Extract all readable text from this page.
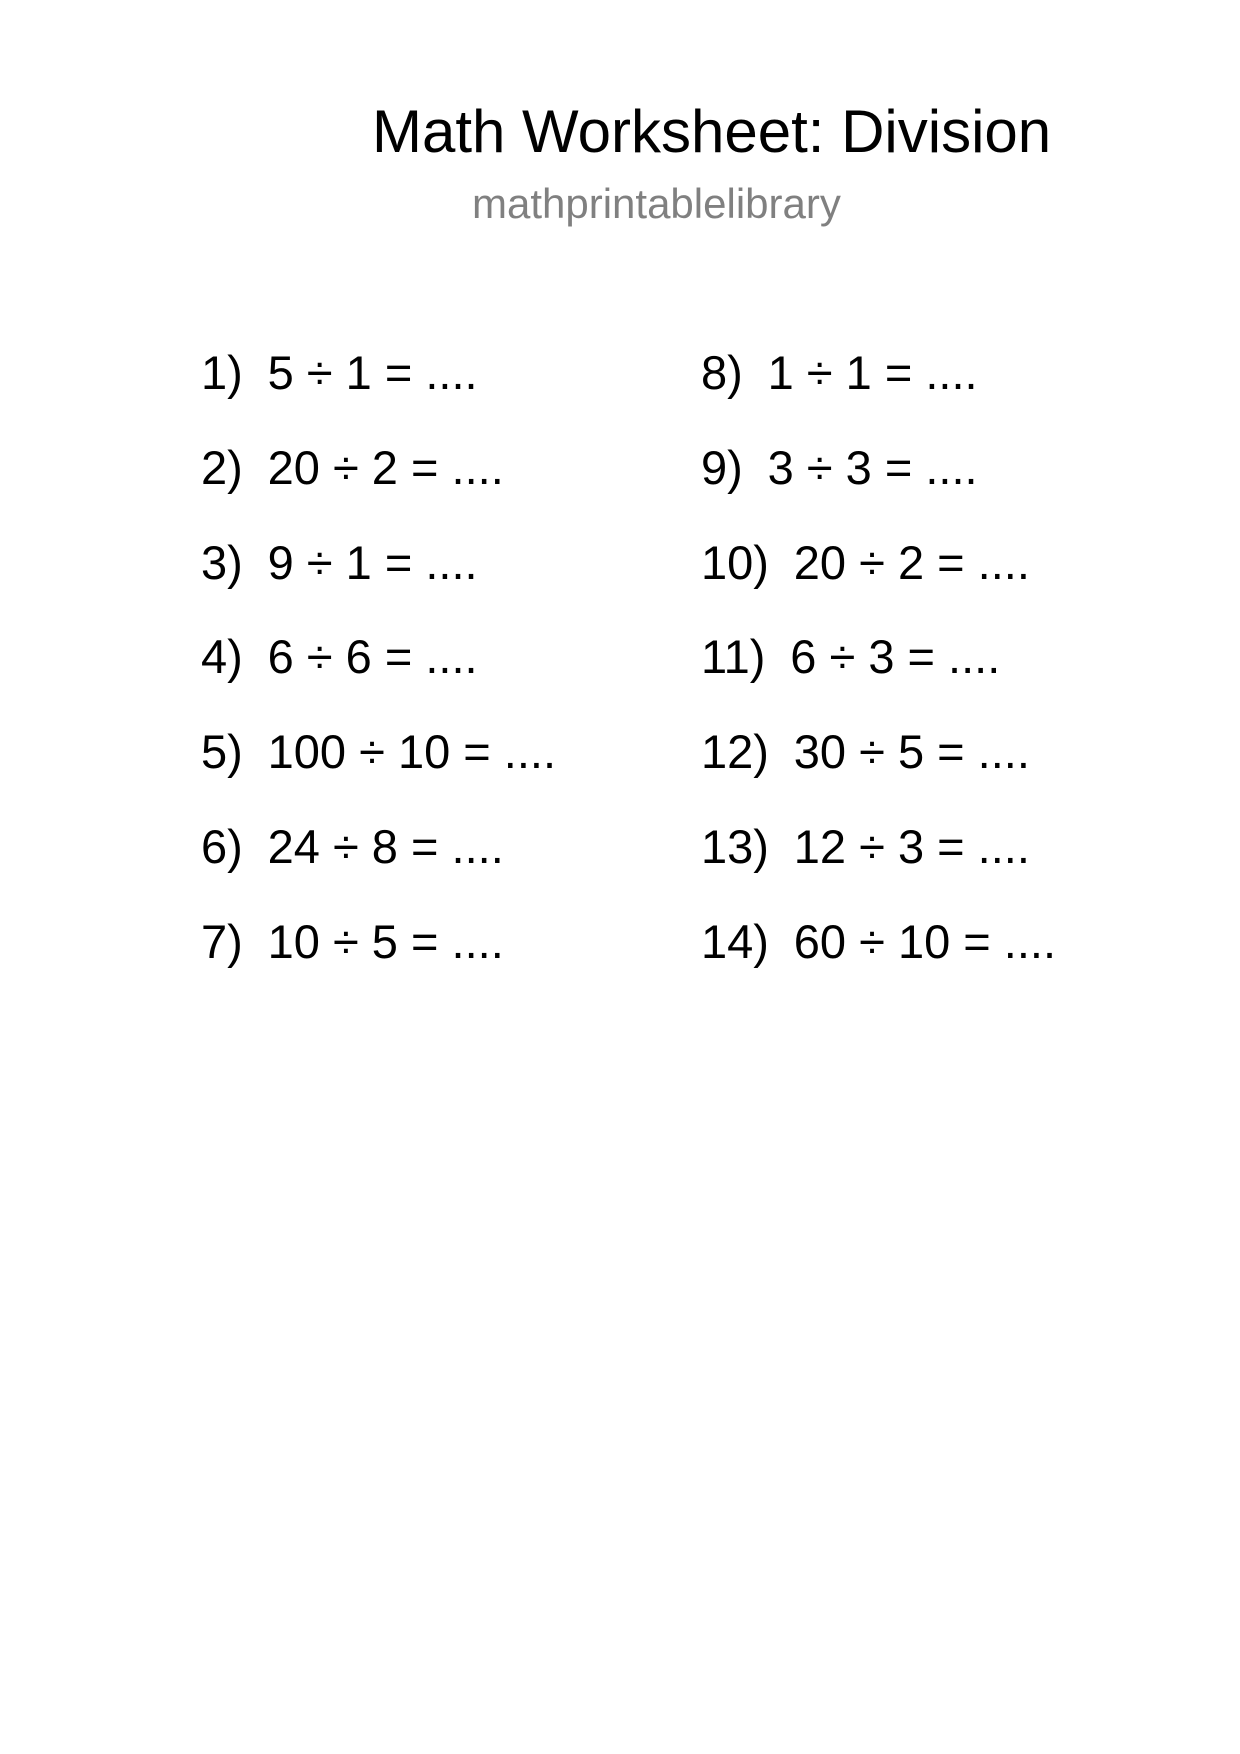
Math Worksheet: Division
mathprintablelibrary
1) 5 ÷ 1 = ....
2) 20 ÷ 2 = ....
3) 9 ÷ 1 = ....
4) 6 ÷ 6 = ....
5) 100 ÷ 10 = ....
6) 24 ÷ 8 = ....
7) 10 ÷ 5 = ....
8) 1 ÷ 1 = ....
9) 3 ÷ 3 = ....
10) 20 ÷ 2 = ....
11) 6 ÷ 3 = ....
12) 30 ÷ 5 = ....
13) 12 ÷ 3 = ....
14) 60 ÷ 10 = ....
